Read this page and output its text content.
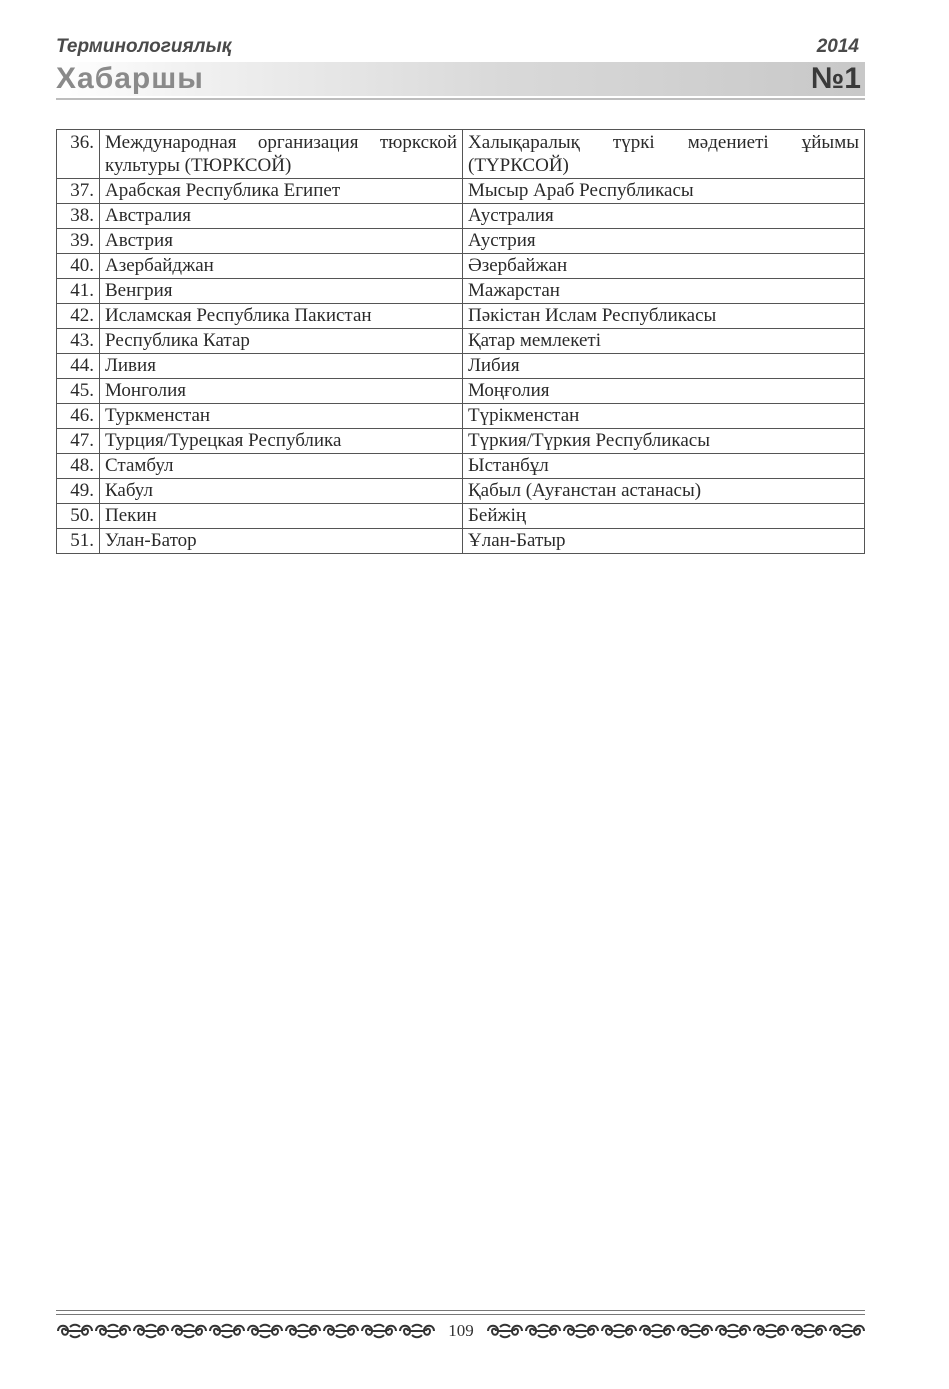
Терминологиялық	2014
Хабаршы	№1
36.	Международная организация тюркской культуры (ТЮРКСОЙ)	Халықаралық түркі мәдениеті ұйымы (ТҮРКСОЙ)
37.	Арабская Республика Египет	Мысыр Араб Республикасы
38.	Австралия	Аустралия
39.	Австрия	Аустрия
40.	Азербайджан	Әзербайжан
41.	Венгрия	Мажарстан
42.	Исламская Республика Пакистан	Пәкістан Ислам Республикасы
43.	Республика Катар	Қатар мемлекеті
44.	Ливия	Либия
45.	Монголия	Моңғолия
46.	Туркменстан	Түрікменстан
47.	Турция/Турецкая Республика	Түркия/Түркия Республикасы
48.	Стамбул	Ыстанбұл
49.	Кабул	Қабыл (Ауғанстан астанасы)
50.	Пекин	Бейжің
51.	Улан-Батор	Ұлан-Батыр
109
